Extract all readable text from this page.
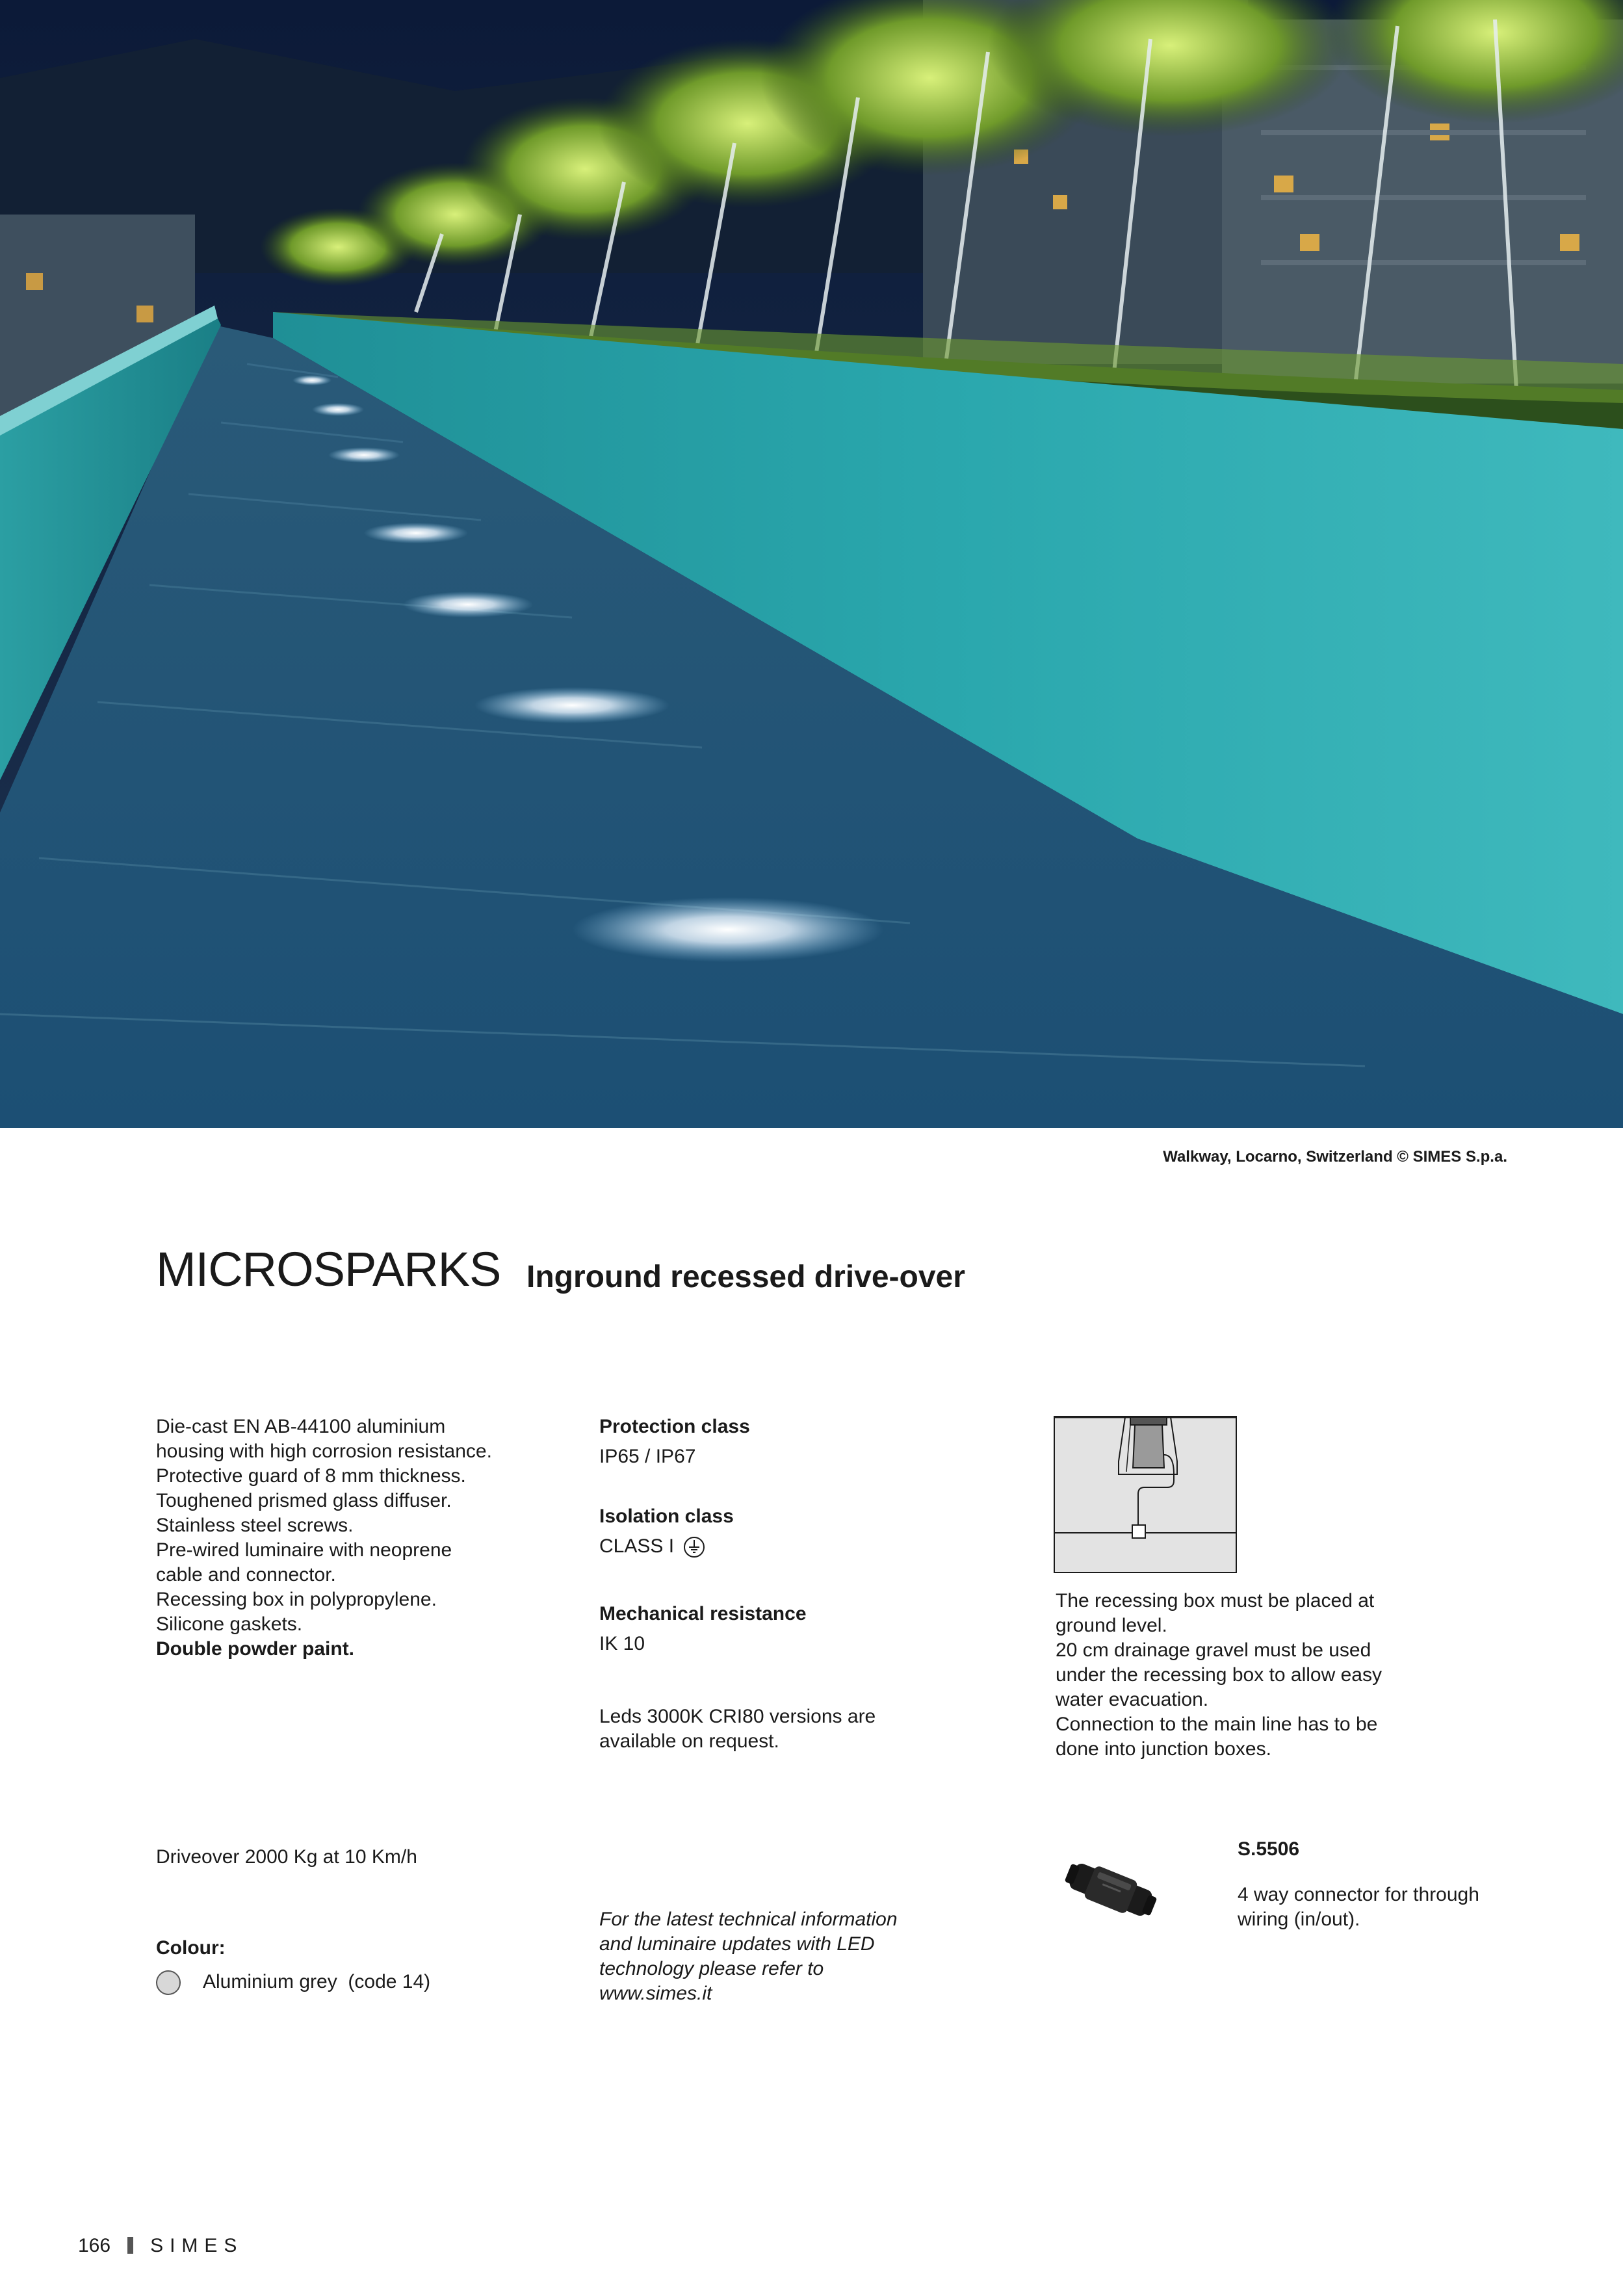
Walkway, Locarno, Switzerland © SIMES S.p.a.
MICROSPARKS Inground recessed drive-over
Die-cast EN AB-44100 aluminium
housing with high corrosion resistance.
Protective guard of 8 mm thickness.
Toughened prismed glass diffuser.
Stainless steel screws.
Pre-wired luminaire with neoprene
cable and connector.
Recessing box in polypropylene.
Silicone gaskets.
Double powder paint.
Protection class
IP65 / IP67
Isolation class
CLASS I
Mechanical resistance
IK 10
Leds 3000K CRI80 versions are
available on request.
The recessing box must be placed at
ground level.
20 cm drainage gravel must be used
under the recessing box to allow easy
water evacuation.
Connection to the main line has to be
done into junction boxes.
Driveover 2000 Kg at 10 Km/h
Colour:
Aluminium grey (code 14)
For the latest technical information
and luminaire updates with LED
technology please refer to
www.simes.it
S.5506
4 way connector for through
wiring (in/out).
166 SIMES
